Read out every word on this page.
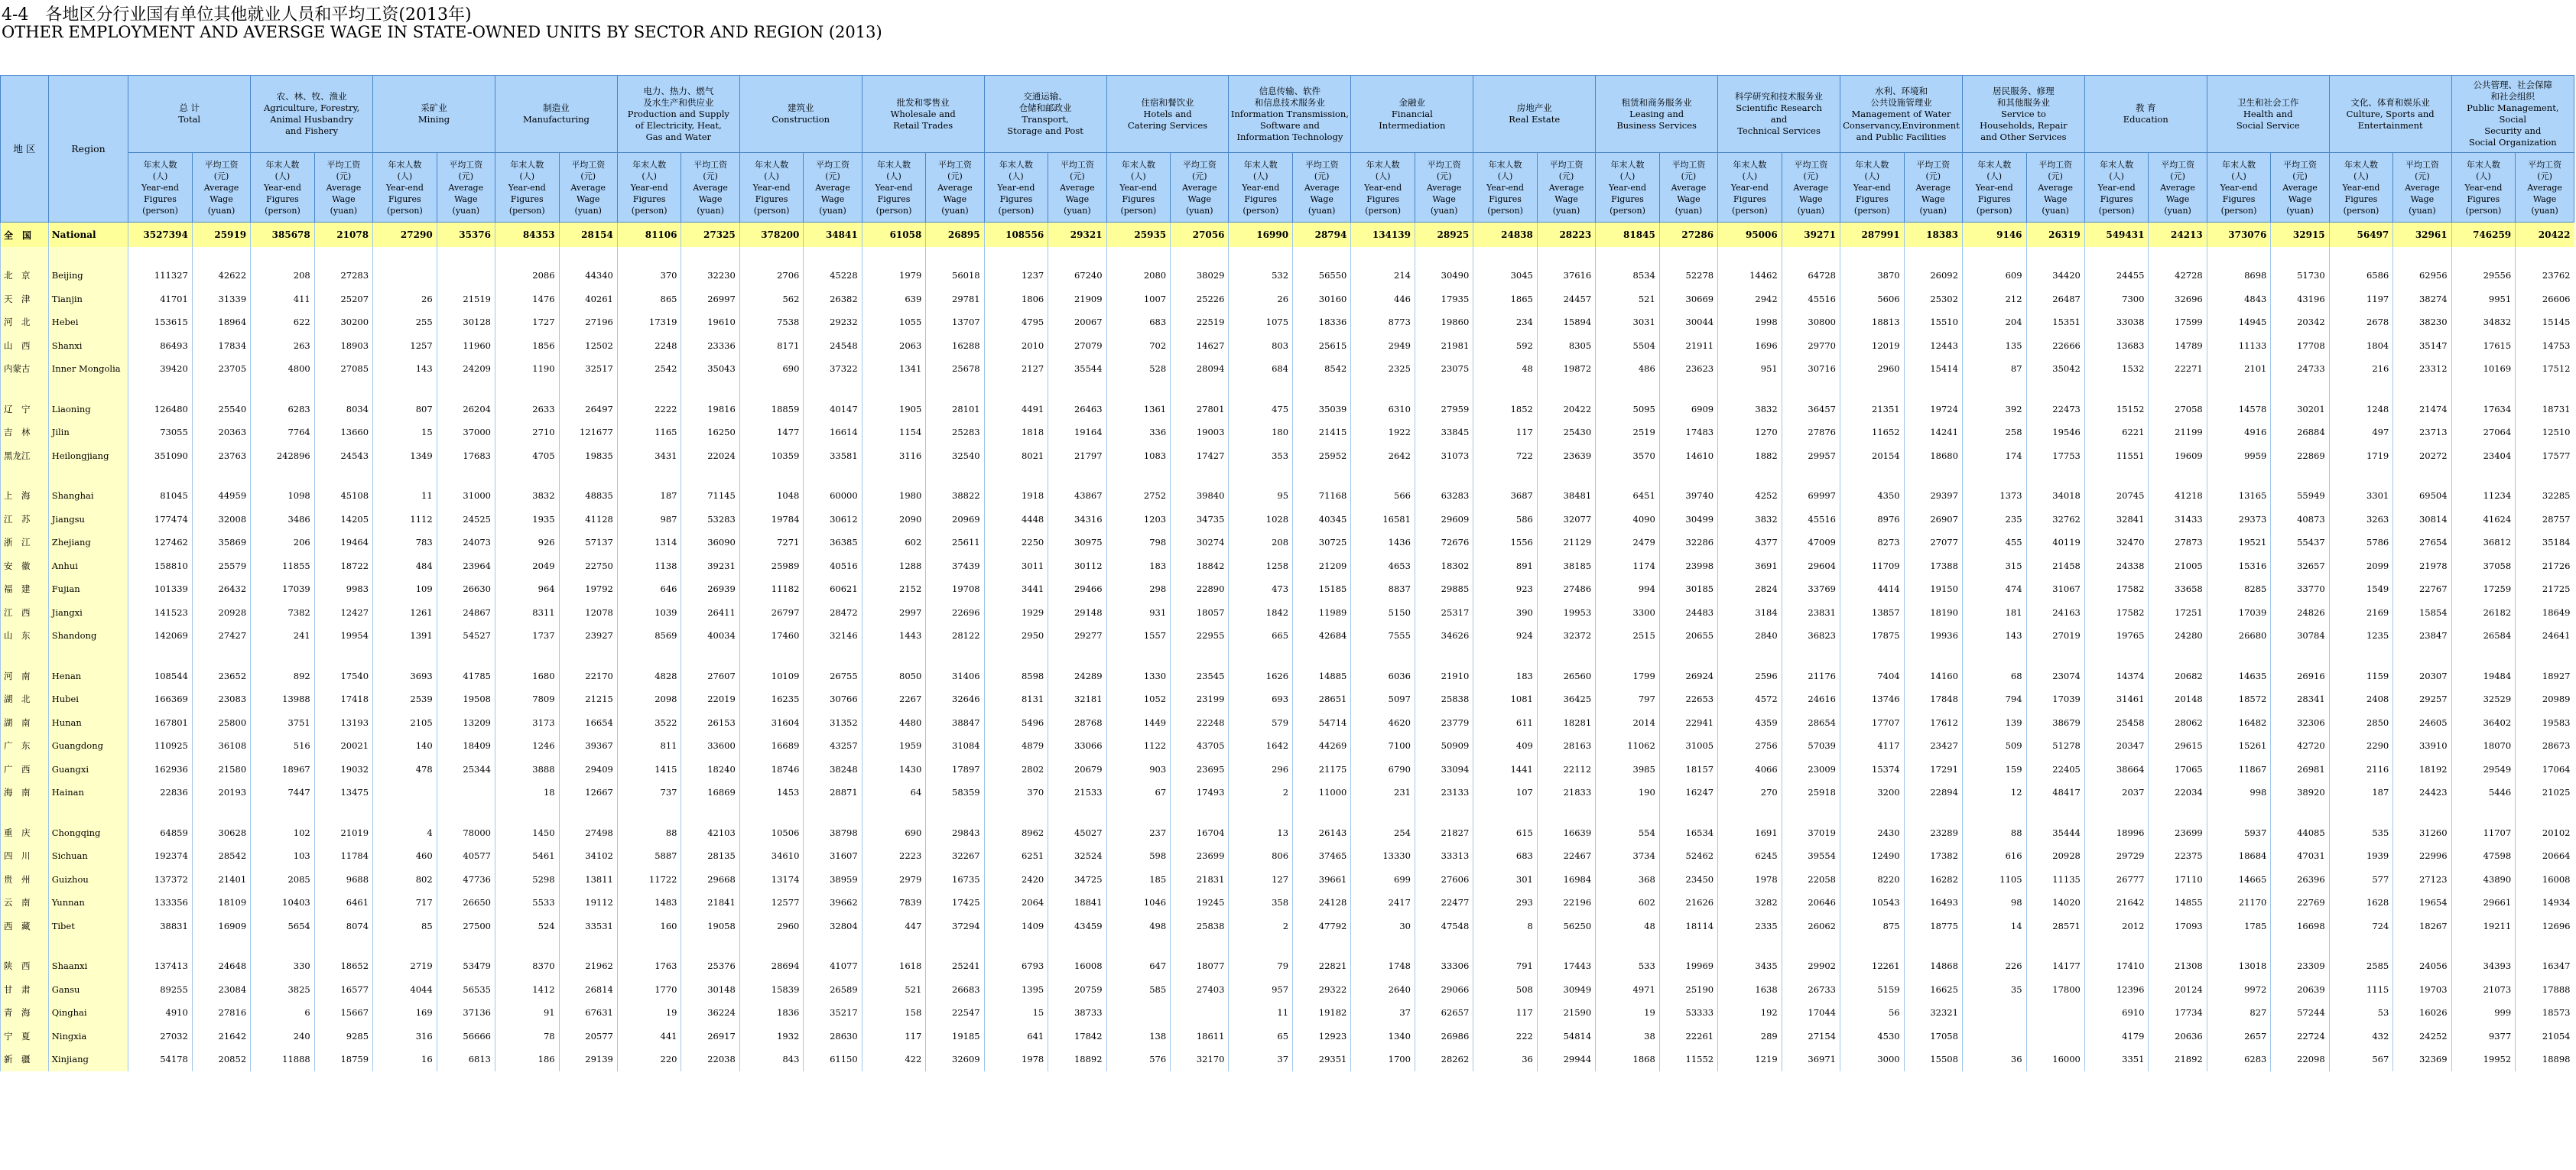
4-4　各地区分行业国有单位其他就业人员和平均工资(2013年)
OTHER EMPLOYMENT AND AVERSGE WAGE IN STATE-OWNED UNITS BY SECTOR AND REGION (2013)
地 区	Region	总 计
Total		农、林、牧、渔业
Agriculture, Forestry,
Animal Husbandry
and Fishery		采矿业
Mining		制造业
Manufacturing		电力、热力、燃气
及水生产和供应业
Production and Supply
of Electricity, Heat,
Gas and Water		建筑业
Construction		批发和零售业
Wholesale and
Retail Trades		交通运输、
仓储和邮政业
Transport,
Storage and Post		住宿和餐饮业
Hotels and
Catering Services		信息传输、软件
和信息技术服务业
Information Transmission,
Software and
Information Technology		金融业
Financial
Intermediation		房地产业
Real Estate		租赁和商务服务业
Leasing and
Business Services		科学研究和技术服务业
Scientific Research
and
Technical Services		水利、环境和
公共设施管理业
Management of Water
Conservancy,Environment
and Public Facilities		居民服务、修理
和其他服务业
Service to
Households, Repair
and Other Services		教 育
Education		卫生和社会工作
Health and
Social Service		文化、体育和娱乐业
Culture, Sports and
Entertainment		公共管理、社会保障
和社会组织
Public Management, Social
Security and
Social Organization	

		年末人数
(人)
Year-end
Figures
(person)	平均工资
(元)
Average
Wage
(yuan)	年末人数
(人)
Year-end
Figures
(person)	平均工资
(元)
Average
Wage
(yuan)	年末人数
(人)
Year-end
Figures
(person)	平均工资
(元)
Average
Wage
(yuan)	年末人数
(人)
Year-end
Figures
(person)	平均工资
(元)
Average
Wage
(yuan)	年末人数
(人)
Year-end
Figures
(person)	平均工资
(元)
Average
Wage
(yuan)	年末人数
(人)
Year-end
Figures
(person)	平均工资
(元)
Average
Wage
(yuan)	年末人数
(人)
Year-end
Figures
(person)	平均工资
(元)
Average
Wage
(yuan)	年末人数
(人)
Year-end
Figures
(person)	平均工资
(元)
Average
Wage
(yuan)	年末人数
(人)
Year-end
Figures
(person)	平均工资
(元)
Average
Wage
(yuan)	年末人数
(人)
Year-end
Figures
(person)	平均工资
(元)
Average
Wage
(yuan)	年末人数
(人)
Year-end
Figures
(person)	平均工资
(元)
Average
Wage
(yuan)	年末人数
(人)
Year-end
Figures
(person)	平均工资
(元)
Average
Wage
(yuan)	年末人数
(人)
Year-end
Figures
(person)	平均工资
(元)
Average
Wage
(yuan)	年末人数
(人)
Year-end
Figures
(person)	平均工资
(元)
Average
Wage
(yuan)	年末人数
(人)
Year-end
Figures
(person)	平均工资
(元)
Average
Wage
(yuan)	年末人数
(人)
Year-end
Figures
(person)	平均工资
(元)
Average
Wage
(yuan)	年末人数
(人)
Year-end
Figures
(person)	平均工资
(元)
Average
Wage
(yuan)	年末人数
(人)
Year-end
Figures
(person)	平均工资
(元)
Average
Wage
(yuan)	年末人数
(人)
Year-end
Figures
(person)	平均工资
(元)
Average
Wage
(yuan)	年末人数
(人)
Year-end
Figures
(person)	平均工资
(元)
Average
Wage
(yuan)
全　国	National	3527394	25919	385678	21078	27290	35376	84353	28154	81106	27325	378200	34841	61058	26895	108556	29321	25935	27056	16990	28794	134139	28925	24838	28223	81845	27286	95006	39271	287991	18383	9146	26319	549431	24213	373076	32915	56497	32961	746259	20422

北　京	Beijing	111327	42622	208	27283			2086	44340	370	32230	2706	45228	1979	56018	1237	67240	2080	38029	532	56550	214	30490	3045	37616	8534	52278	14462	64728	3870	26092	609	34420	24455	42728	8698	51730	6586	62956	29556	23762
天　津	Tianjin	41701	31339	411	25207	26	21519	1476	40261	865	26997	562	26382	639	29781	1806	21909	1007	25226	26	30160	446	17935	1865	24457	521	30669	2942	45516	5606	25302	212	26487	7300	32696	4843	43196	1197	38274	9951	26606
河　北	Hebei	153615	18964	622	30200	255	30128	1727	27196	17319	19610	7538	29232	1055	13707	4795	20067	683	22519	1075	18336	8773	19860	234	15894	3031	30044	1998	30800	18813	15510	204	15351	33038	17599	14945	20342	2678	38230	34832	15145
山　西	Shanxi	86493	17834	263	18903	1257	11960	1856	12502	2248	23336	8171	24548	2063	16288	2010	27079	702	14627	803	25615	2949	21981	592	8305	5504	21911	1696	29770	12019	12443	135	22666	13683	14789	11133	17708	1804	35147	17615	14753
内蒙古	Inner Mongolia	39420	23705	4800	27085	143	24209	1190	32517	2542	35043	690	37322	1341	25678	2127	35544	528	28094	684	8542	2325	23075	48	19872	486	23623	951	30716	2960	15414	87	35042	1532	22271	2101	24733	216	23312	10169	17512

辽　宁	Liaoning	126480	25540	6283	8034	807	26204	2633	26497	2222	19816	18859	40147	1905	28101	4491	26463	1361	27801	475	35039	6310	27959	1852	20422	5095	6909	3832	36457	21351	19724	392	22473	15152	27058	14578	30201	1248	21474	17634	18731
吉　林	Jilin	73055	20363	7764	13660	15	37000	2710	121677	1165	16250	1477	16614	1154	25283	1818	19164	336	19003	180	21415	1922	33845	117	25430	2519	17483	1270	27876	11652	14241	258	19546	6221	21199	4916	26884	497	23713	27064	12510
黑龙江	Heilongjiang	351090	23763	242896	24543	1349	17683	4705	19835	3431	22024	10359	33581	3116	32540	8021	21797	1083	17427	353	25952	2642	31073	722	23639	3570	14610	1882	29957	20154	18680	174	17753	11551	19609	9959	22869	1719	20272	23404	17577

上　海	Shanghai	81045	44959	1098	45108	11	31000	3832	48835	187	71145	1048	60000	1980	38822	1918	43867	2752	39840	95	71168	566	63283	3687	38481	6451	39740	4252	69997	4350	29397	1373	34018	20745	41218	13165	55949	3301	69504	11234	32285
江　苏	Jiangsu	177474	32008	3486	14205	1112	24525	1935	41128	987	53283	19784	30612	2090	20969	4448	34316	1203	34735	1028	40345	16581	29609	586	32077	4090	30499	3832	45516	8976	26907	235	32762	32841	31433	29373	40873	3263	30814	41624	28757
浙　江	Zhejiang	127462	35869	206	19464	783	24073	926	57137	1314	36090	7271	36385	602	25611	2250	30975	798	30274	208	30725	1436	72676	1556	21129	2479	32286	4377	47009	8273	27077	455	40119	32470	27873	19521	55437	5786	27654	36812	35184
安　徽	Anhui	158810	25579	11855	18722	484	23964	2049	22750	1138	39231	25989	40516	1288	37439	3011	30112	183	18842	1258	21209	4653	18302	891	38185	1174	23998	3691	29604	11709	17388	315	21458	24338	21005	15316	32657	2099	21978	37058	21726
福　建	Fujian	101339	26432	17039	9983	109	26630	964	19792	646	26939	11182	60621	2152	19708	3441	29466	298	22890	473	15185	8837	29885	923	27486	994	30185	2824	33769	4414	19150	474	31067	17582	33658	8285	33770	1549	22767	17259	21725
江　西	Jiangxi	141523	20928	7382	12427	1261	24867	8311	12078	1039	26411	26797	28472	2997	22696	1929	29148	931	18057	1842	11989	5150	25317	390	19953	3300	24483	3184	23831	13857	18190	181	24163	17582	17251	17039	24826	2169	15854	26182	18649
山　东	Shandong	142069	27427	241	19954	1391	54527	1737	23927	8569	40034	17460	32146	1443	28122	2950	29277	1557	22955	665	42684	7555	34626	924	32372	2515	20655	2840	36823	17875	19936	143	27019	19765	24280	26680	30784	1235	23847	26584	24641

河　南	Henan	108544	23652	892	17540	3693	41785	1680	22170	4828	27607	10109	26755	8050	31406	8598	24289	1330	23545	1626	14885	6036	21910	183	26560	1799	26924	2596	21176	7404	14160	68	23074	14374	20682	14635	26916	1159	20307	19484	18927
湖　北	Hubei	166369	23083	13988	17418	2539	19508	7809	21215	2098	22019	16235	30766	2267	32646	8131	32181	1052	23199	693	28651	5097	25838	1081	36425	797	22653	4572	24616	13746	17848	794	17039	31461	20148	18572	28341	2408	29257	32529	20989
湖　南	Hunan	167801	25800	3751	13193	2105	13209	3173	16654	3522	26153	31604	31352	4480	38847	5496	28768	1449	22248	579	54714	4620	23779	611	18281	2014	22941	4359	28654	17707	17612	139	38679	25458	28062	16482	32306	2850	24605	36402	19583
广　东	Guangdong	110925	36108	516	20021	140	18409	1246	39367	811	33600	16689	43257	1959	31084	4879	33066	1122	43705	1642	44269	7100	50909	409	28163	11062	31005	2756	57039	4117	23427	509	51278	20347	29615	15261	42720	2290	33910	18070	28673
广　西	Guangxi	162936	21580	18967	19032	478	25344	3888	29409	1415	18240	18746	38248	1430	17897	2802	20679	903	23695	296	21175	6790	33094	1441	22112	3985	18157	4066	23009	15374	17291	159	22405	38664	17065	11867	26981	2116	18192	29549	17064
海　南	Hainan	22836	20193	7447	13475			18	12667	737	16869	1453	28871	64	58359	370	21533	67	17493	2	11000	231	23133	107	21833	190	16247	270	25918	3200	22894	12	48417	2037	22034	998	38920	187	24423	5446	21025

重　庆	Chongqing	64859	30628	102	21019	4	78000	1450	27498	88	42103	10506	38798	690	29843	8962	45027	237	16704	13	26143	254	21827	615	16639	554	16534	1691	37019	2430	23289	88	35444	18996	23699	5937	44085	535	31260	11707	20102
四　川	Sichuan	192374	28542	103	11784	460	40577	5461	34102	5887	28135	34610	31607	2223	32267	6251	32524	598	23699	806	37465	13330	33313	683	22467	3734	52462	6245	39554	12490	17382	616	20928	29729	22375	18684	47031	1939	22996	47598	20664
贵　州	Guizhou	137372	21401	2085	9688	802	47736	5298	13811	11722	29668	13174	38959	2979	16735	2420	34725	185	21831	127	39661	699	27606	301	16984	368	23450	1978	22058	8220	16282	1105	11135	26777	17110	14665	26396	577	27123	43890	16008
云　南	Yunnan	133356	18109	10403	6461	717	26650	5533	19112	1483	21841	12577	39662	7839	17425	2064	18841	1046	19245	358	24128	2417	22477	293	22196	602	21626	3282	20646	10543	16493	98	14020	21642	14855	21170	22769	1628	19654	29661	14934
西　藏	Tibet	38831	16909	5654	8074	85	27500	524	33531	160	19058	2960	32804	447	37294	1409	43459	498	25838	2	47792	30	47548	8	56250	48	18114	2335	26062	875	18775	14	28571	2012	17093	1785	16698	724	18267	19211	12696

陕　西	Shaanxi	137413	24648	330	18652	2719	53479	8370	21962	1763	25376	28694	41077	1618	25241	6793	16008	647	18077	79	22821	1748	33306	791	17443	533	19969	3435	29902	12261	14868	226	14177	17410	21308	13018	23309	2585	24056	34393	16347
甘　肃	Gansu	89255	23084	3825	16577	4044	56535	1412	26814	1770	30148	15839	26589	521	26683	1395	20759	585	27403	957	29322	2640	29066	508	30949	4971	25190	1638	26733	5159	16625	35	17800	12396	20124	9972	20639	1115	19703	21073	17888
青　海	Qinghai	4910	27816	6	15667	169	37136	91	67631	19	36224	1836	35217	158	22547	15	38733			11	19182	37	62657	117	21590	19	53333	192	17044	56	32321			6910	17734	827	57244	53	16026	999	18573
宁　夏	Ningxia	27032	21642	240	9285	316	56666	78	20577	441	26917	1932	28630	117	19185	641	17842	138	18611	65	12923	1340	26986	222	54814	38	22261	289	27154	4530	17058			4179	20636	2657	22724	432	24252	9377	21054
新　疆	Xinjiang	54178	20852	11888	18759	16	6813	186	29139	220	22038	843	61150	422	32609	1978	18892	576	32170	37	29351	1700	28262	36	29944	1868	11552	1219	36971	3000	15508	36	16000	3351	21892	6283	22098	567	32369	19952	18898
